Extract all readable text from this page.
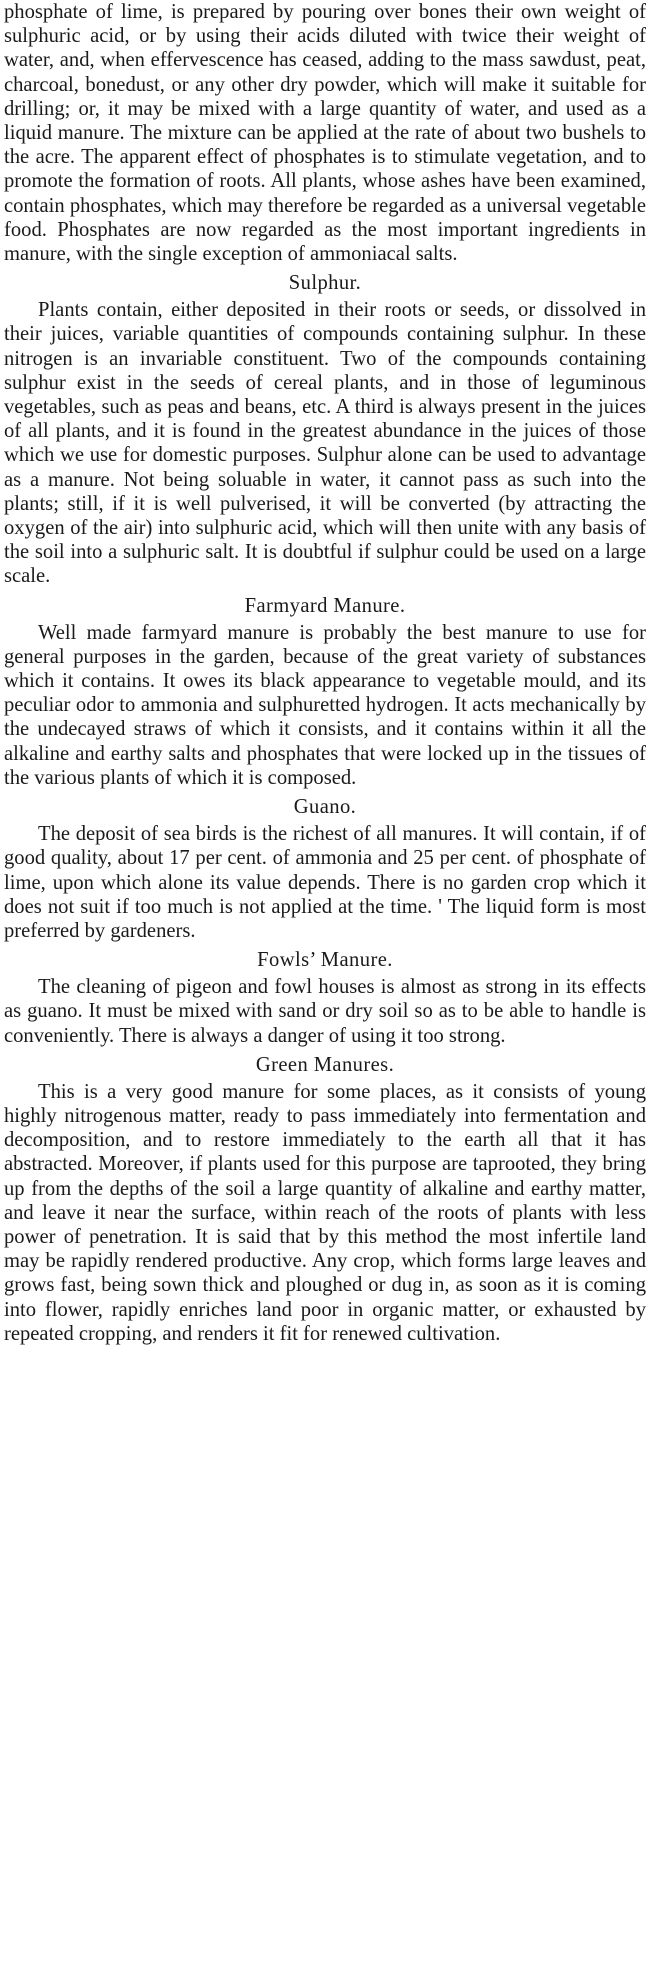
phosphate of lime, is prepared by pouring over bones their own weight of sulphuric acid, or by using their acids diluted with twice their weight of water, and, when effervescence has ceased, adding to the mass sawdust, peat, charcoal, bonedust, or any other dry powder, which will make it suitable for drilling; or, it may be mixed with a large quantity of water, and used as a liquid manure. The mixture can be applied at the rate of about two bushels to the acre. The apparent effect of phosphates is to stimulate vegetation, and to promote the formation of roots. All plants, whose ashes have been examined, contain phosphates, which may therefore be regarded as a universal vegetable food. Phosphates are now regarded as the most important ingredients in manure, with the single exception of ammoniacal salts.

Sulphur.

Plants contain, either deposited in their roots or seeds, or dissolved in their juices, variable quantities of compounds containing sulphur. In these nitrogen is an invariable constituent. Two of the compounds containing sulphur exist in the seeds of cereal plants, and in those of leguminous vegetables, such as peas and beans, etc. A third is always present in the juices of all plants, and it is found in the greatest abundance in the juices of those which we use for domestic purposes. Sulphur alone can be used to advantage as a manure. Not being soluable in water, it cannot pass as such into the plants; still, if it is well pulverised, it will be converted (by attracting the oxygen of the air) into sulphuric acid, which will then unite with any basis of the soil into a sulphuric salt. It is doubtful if sulphur could be used on a large scale.

Farmyard Manure.

Well made farmyard manure is probably the best manure to use for general purposes in the garden, because of the great variety of substances which it contains. It owes its black appearance to vegetable mould, and its peculiar odor to ammonia and sulphuretted hydrogen. It acts mechanically by the undecayed straws of which it consists, and it contains within it all the alkaline and earthy salts and phosphates that were locked up in the tissues of the various plants of which it is composed.

Guano.

The deposit of sea birds is the richest of all manures. It will contain, if of good quality, about 17 per cent. of ammonia and 25 per cent. of phosphate of lime, upon which alone its value depends. There is no garden crop which it does not suit if too much is not applied at the time. ' The liquid form is most preferred by gardeners.

Fowls’ Manure.

The cleaning of pigeon and fowl houses is almost as strong in its effects as guano. It must be mixed with sand or dry soil so as to be able to handle is conveniently. There is always a danger of using it too strong.

Green Manures.

This is a very good manure for some places, as it consists of young highly nitrogenous matter, ready to pass immediately into fermentation and decomposition, and to restore immediately to the earth all that it has abstracted. Moreover, if plants used for this purpose are taprooted, they bring up from the depths of the soil a large quantity of alkaline and earthy matter, and leave it near the surface, within reach of the roots of plants with less power of penetration. It is said that by this method the most infertile land may be rapidly rendered productive. Any crop, which forms large leaves and grows fast, being sown thick and ploughed or dug in, as soon as it is coming into flower, rapidly enriches land poor in organic matter, or exhausted by repeated cropping, and renders it fit for renewed cultivation.
